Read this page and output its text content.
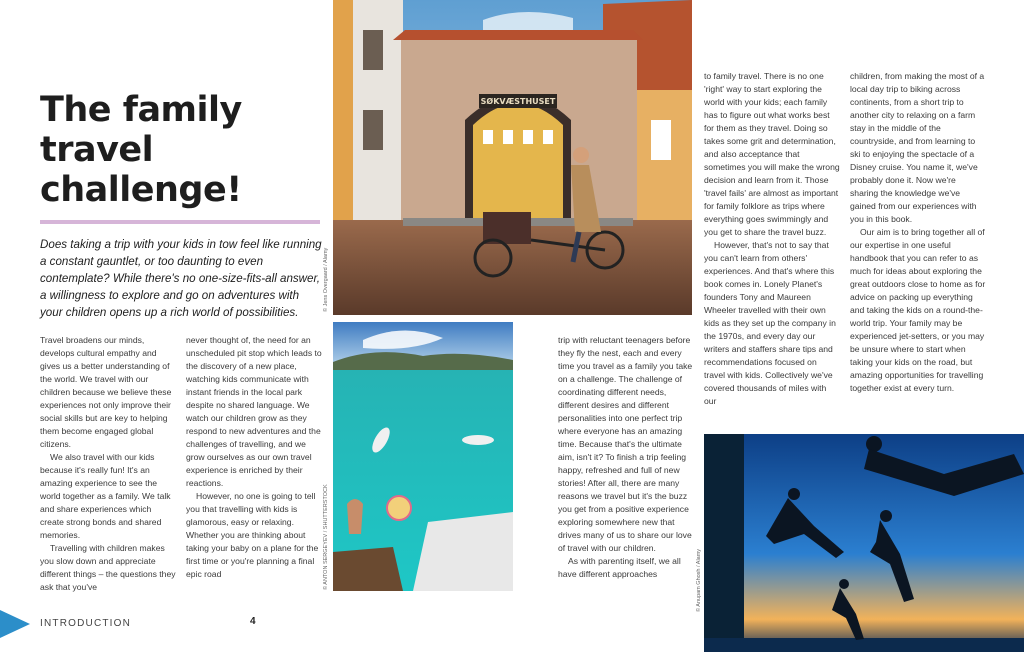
The family
travel
challenge!
Does taking a trip with your kids in tow feel like running a constant gauntlet, or too daunting to even contemplate? While there's no one-size-fits-all answer, a willingness to explore and go on adventures with your children opens up a rich world of possibilities.

Travel broadens our minds, develops cultural empathy and gives us a better understanding of the world. We travel with our children because we believe these experiences not only improve their social skills but are key to helping them become engaged global citizens.

We also travel with our kids because it's really fun! It's an amazing experience to see the world together as a family. We talk and share experiences which create strong bonds and shared memories.

Travelling with children makes you slow down and appreciate different things – the questions they ask that you've

never thought of, the need for an unscheduled pit stop which leads to the discovery of a new place, watching kids communicate with instant friends in the local park despite no shared language. We watch our children grow as they respond to new adventures and the challenges of travelling, and we grow ourselves as our own travel experience is enriched by their reactions.

However, no one is going to tell you that travelling with kids is glamorous, easy or relaxing. Whether you are thinking about taking your baby on a plane for the first time or you're planning a final epic road

trip with reluctant teenagers before they fly the nest, each and every time you travel as a family you take on a challenge. The challenge of coordinating different needs, different desires and different personalities into one perfect trip where everyone has an amazing time. Because that's the ultimate aim, isn't it? To finish a trip feeling happy, refreshed and full of new stories! After all, there are many reasons we travel but it's the buzz you get from a positive experience exploring somewhere new that drives many of us to share our love of travel with our children.

As with parenting itself, we all have different approaches

to family travel. There is no one 'right' way to start exploring the world with your kids; each family has to figure out what works best for them as they travel. Doing so takes some grit and determination, and also acceptance that sometimes you will make the wrong decision and learn from it. Those 'travel fails' are almost as important for family folklore as trips where everything goes swimmingly and you get to share the travel buzz.

However, that's not to say that you can't learn from others' experiences. And that's where this book comes in. Lonely Planet's founders Tony and Maureen Wheeler travelled with their own kids as they set up the company in the 1970s, and every day our writers and staffers share tips and recommendations focused on travel with kids. Collectively we've covered thousands of miles with our

children, from making the most of a local day trip to biking across continents, from a short trip to another city to relaxing on a farm stay in the middle of the countryside, and from learning to ski to enjoying the spectacle of a Disney cruise. You name it, we've probably done it. Now we're sharing the knowledge we've gained from our experiences with you in this book.

Our aim is to bring together all of our expertise in one useful handbook that you can refer to as much for ideas about exploring the great outdoors close to home as for advice on packing up everything and taking the kids on a round-the-world trip. Your family may be experienced jet-setters, or you may be unsure where to start when taking your kids on the road, but amazing opportunities for travelling together exist at every turn.

SØKVÆSTHUSET
© Jens Overgaard / Alamy
© ANTON SERGEYEV / SHUTTERSTOCK	© Anupam Ghosh / Alamy
INTRODUCTION	4
